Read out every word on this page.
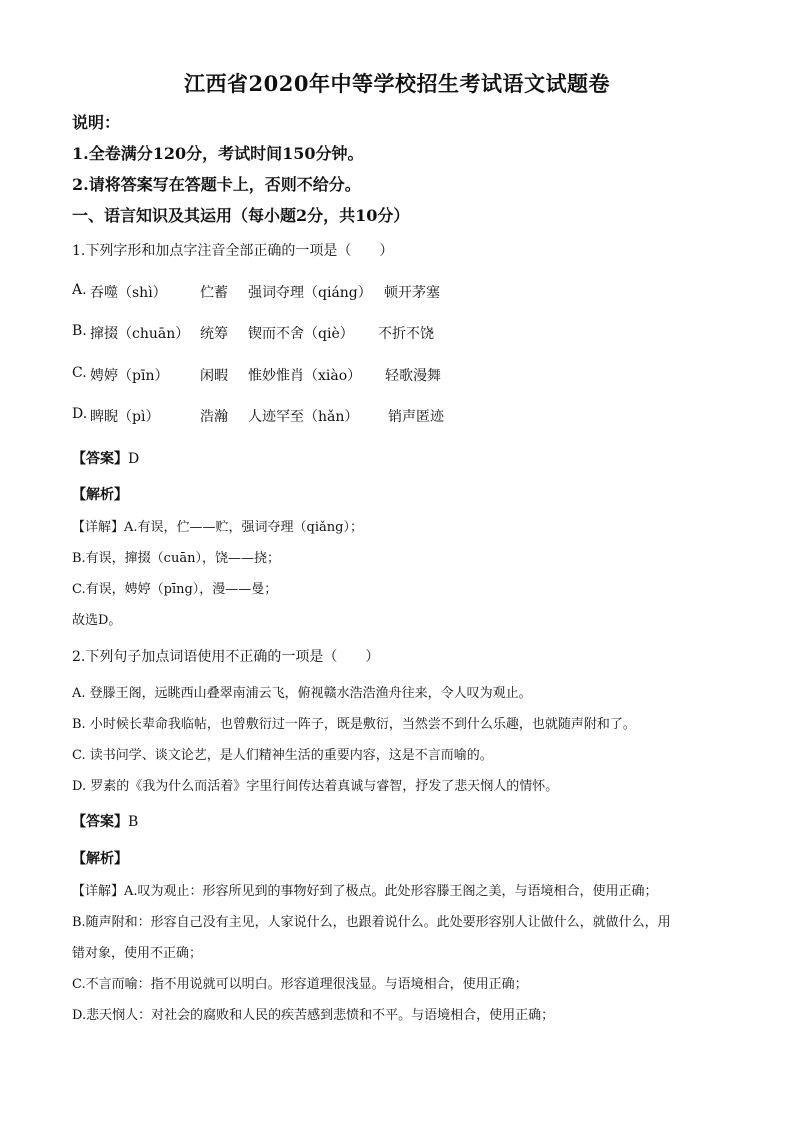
江西省2020年中等学校招生考试语文试题卷
说明：
1.全卷满分120分，考试时间150分钟。
2.请将答案写在答题卡上，否则不给分。
一、语言知识及其运用（每小题2分，共10分）
1.下列字形和加点字注音全部正确的一项是（　　）
A. 吞噬（shì） 伫蓄 强词夺理（qiáng） 顿开茅塞
B. 撺掇（chuān） 统筹 锲而不舍（qiè） 不折不饶
C. 娉婷（pīn） 闲暇 惟妙惟肖（xiào） 轻歌漫舞
D. 睥睨（pì）	浩瀚 人迹罕至（hǎn） 销声匿迹
【答案】D
【解析】
【详解】A.有误，伫——贮，强词夺理（qiǎng）；
B.有误，撺掇（cuān），饶——挠；
C.有误，娉婷（pīng），漫——曼；
故选D。
2.下列句子加点词语使用不正确的一项是（　　）
A. 登滕王阁，远眺西山叠翠南浦云飞，俯视赣水浩浩渔舟往来，令人叹为观止。
B. 小时候长辈命我临帖，也曾敷衍过一阵子，既是敷衍，当然尝不到什么乐趣，也就随声附和了。
C. 读书问学、谈文论艺，是人们精神生活的重要内容，这是不言而喻的。
D. 罗素的《我为什么而活着》字里行间传达着真诚与睿智，抒发了悲天悯人的情怀。
【答案】B
【解析】
【详解】A.叹为观止：形容所见到的事物好到了极点。此处形容滕王阁之美，与语境相合，使用正确；
B.随声附和：形容自己没有主见，人家说什么，也跟着说什么。此处要形容别人让做什么，就做什么，用
错对象，使用不正确；
C.不言而喻：指不用说就可以明白。形容道理很浅显。与语境相合，使用正确；
D.悲天悯人：对社会的腐败和人民的疾苦感到悲愤和不平。与语境相合，使用正确；
